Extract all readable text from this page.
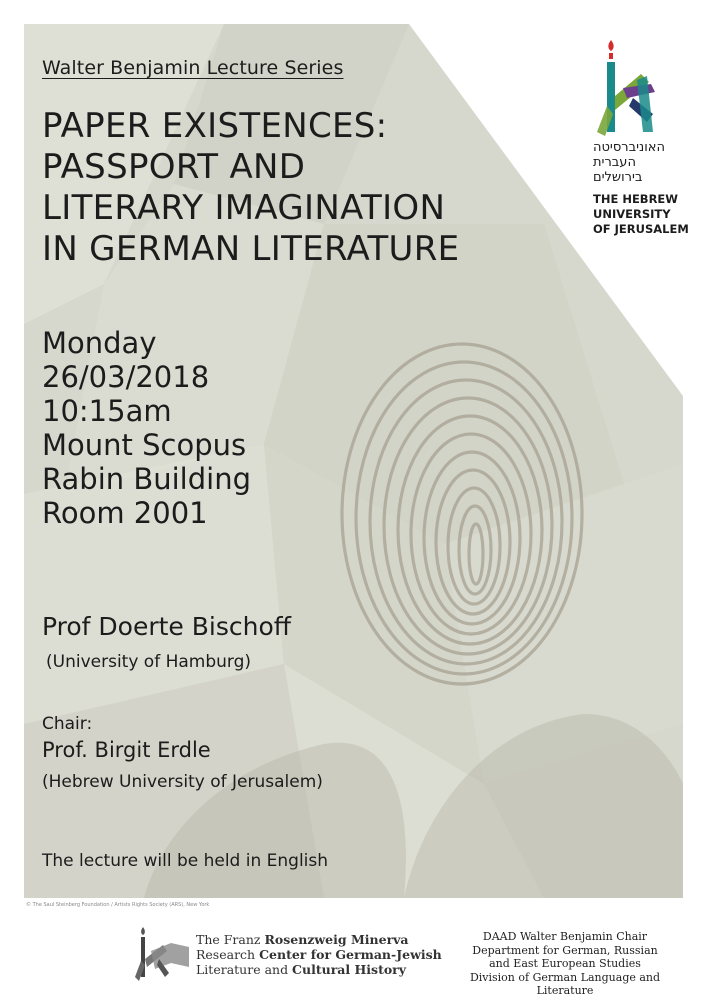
Walter Benjamin Lecture Series
PAPER EXISTENCES:
PASSPORT AND
LITERARY IMAGINATION
IN GERMAN LITERATURE
Monday
26/03/2018
10:15am
Mount Scopus
Rabin Building
Room 2001
Prof Doerte Bischoff
(University of Hamburg)
Chair:
Prof. Birgit Erdle
(Hebrew University of Jerusalem)
The lecture will be held in English
האוניברסיטה
העברית
בירושלים
THE HEBREW
UNIVERSITY
OF JERUSALEM
© The Saul Steinberg Foundation / Artists Rights Society (ARS), New York
The Franz Rosenzweig Minerva
Research Center for German-Jewish
Literature and Cultural History
DAAD Walter Benjamin Chair
Department for German, Russian
and East European Studies
Division of German Language and Literature
